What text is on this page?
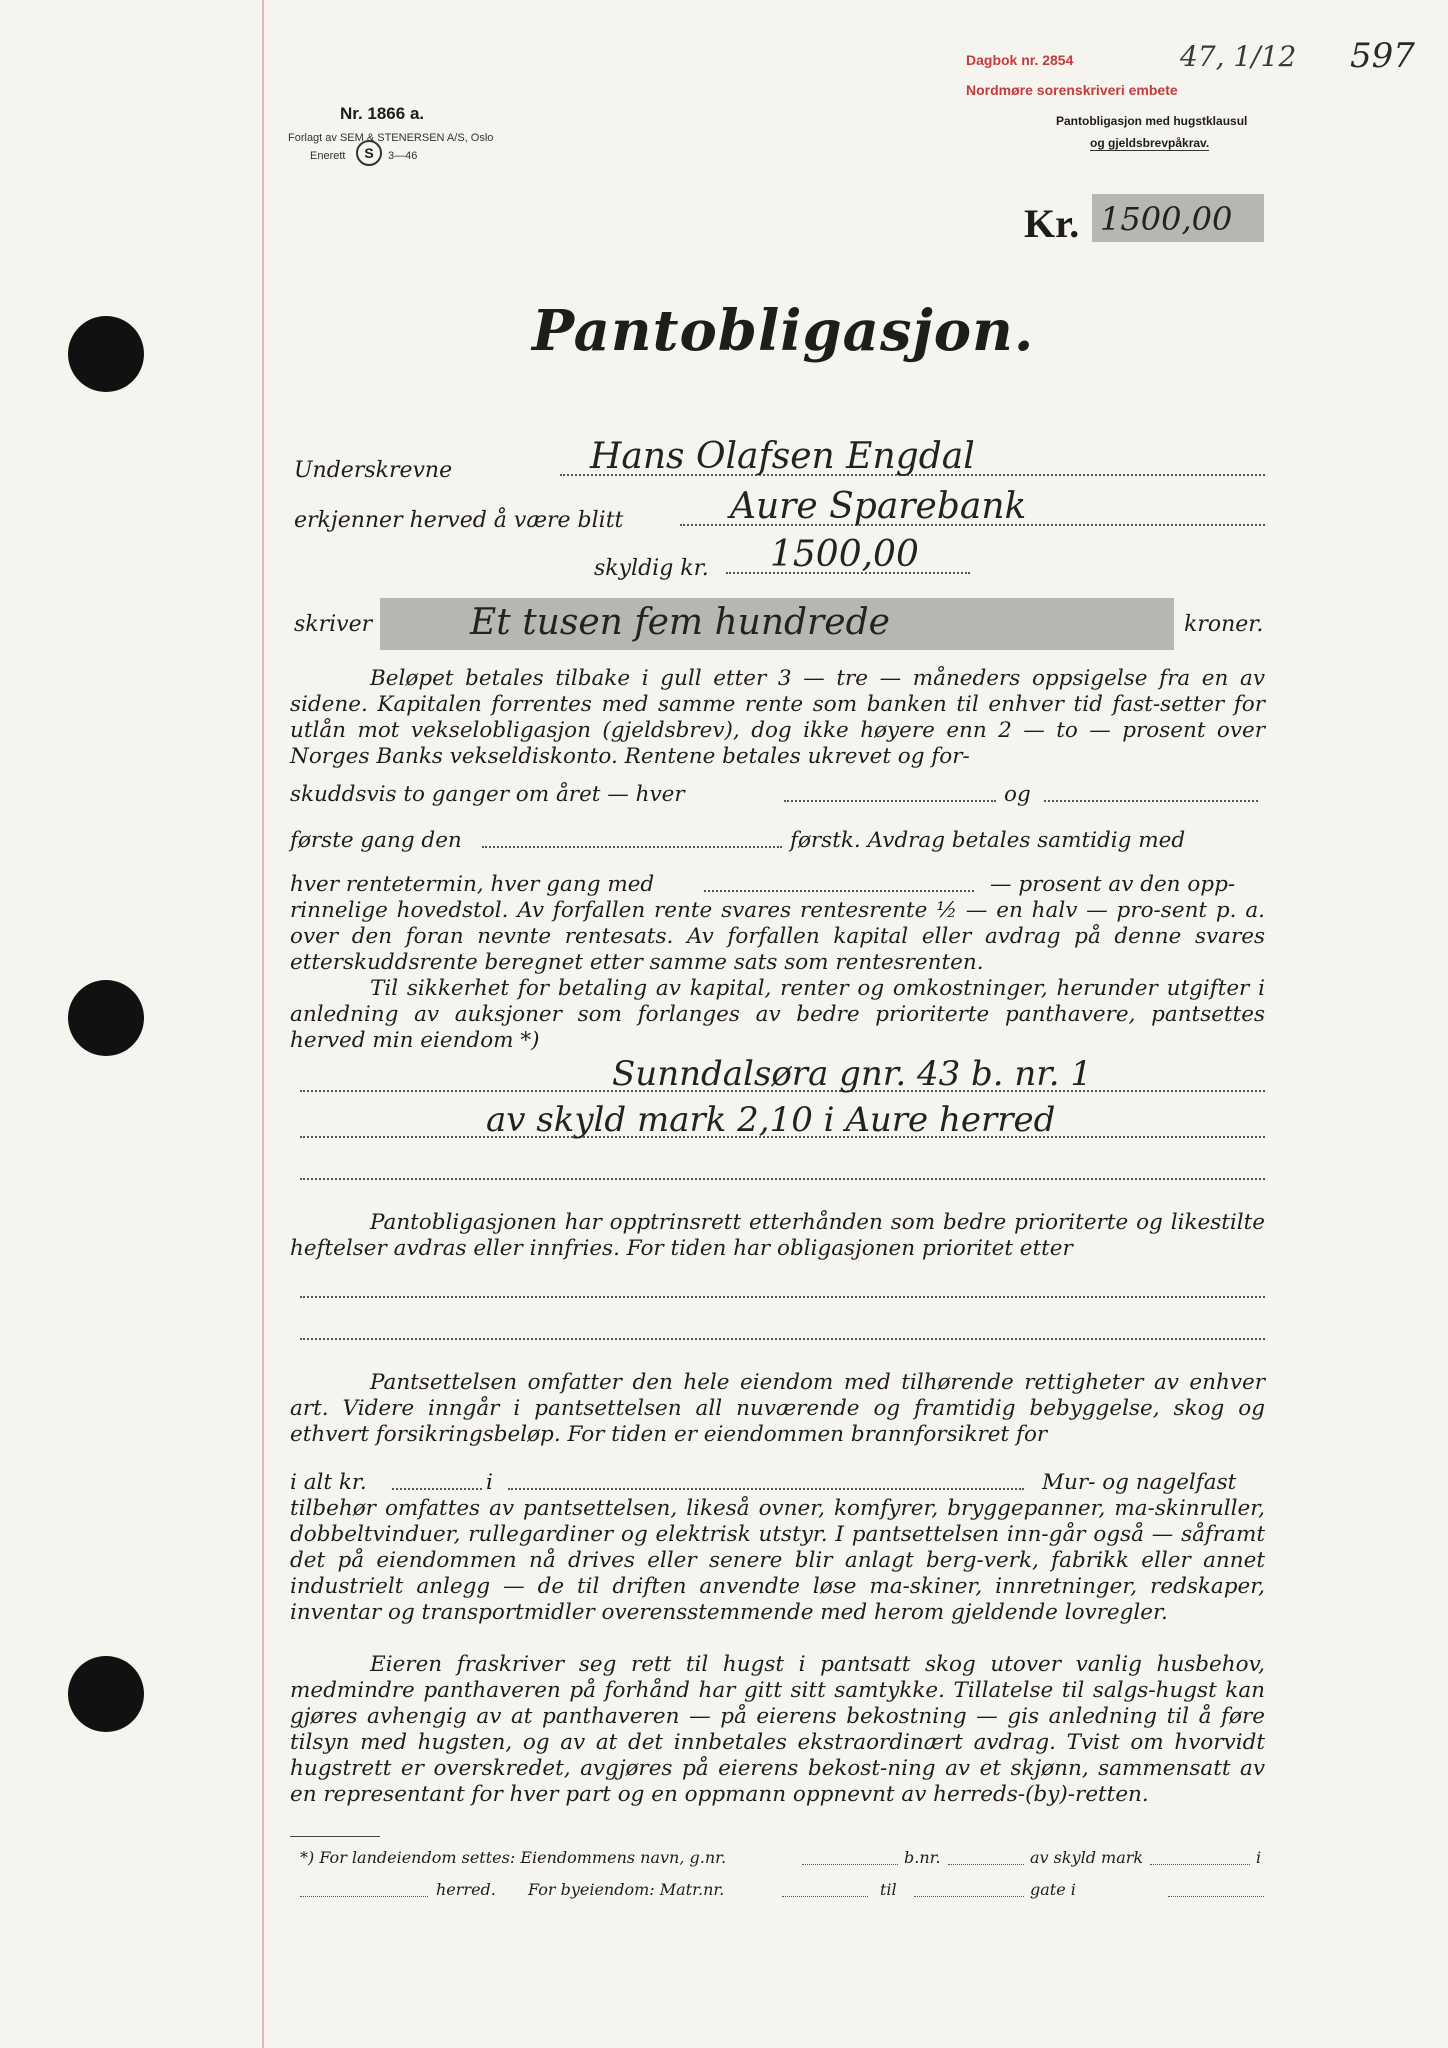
Nr. 1866 a.
Forlagt av SEM & STENERSEN A/S, Oslo
Enerett	S	3—46
Dagbok nr. 2854	47, 1/12 597
Nordmøre sorenskriveri embete
Pantobligasjon med hugstklausul
og gjeldsbrevpåkrav.
Kr. 1500,00
Pantobligasjon.
Underskrevne	Hans Olafsen Engdal
erkjenner herved å være blitt	Aure Sparebank
skyldig kr. 1500,00
skriver	Et tusen fem hundrede	kroner.

Beløpet betales tilbake i gull etter 3 — tre — måneders oppsigelse fra en av sidene. Kapitalen forrentes med samme rente som banken til enhver tid fast-setter for utlån mot vekselobligasjon (gjeldsbrev), dog ikke høyere enn 2 — to — prosent over Norges Banks vekseldiskonto. Rentene betales ukrevet og for-

skuddsvis to ganger om året — hver	og
første gang den	førstk. Avdrag betales samtidig med
hver rentetermin, hver gang med	— prosent av den opp-

rinnelige hovedstol. Av forfallen rente svares rentesrente ½ — en halv — pro-sent p. a. over den foran nevnte rentesats. Av forfallen kapital eller avdrag på denne svares etterskuddsrente beregnet etter samme sats som rentesrenten.

Til sikkerhet for betaling av kapital, renter og omkostninger, herunder utgifter i anledning av auksjoner som forlanges av bedre prioriterte panthavere, pantsettes herved min eiendom *)

Sunndalsøra gnr. 43 b. nr. 1
av skyld mark 2,10 i Aure herred

Pantobligasjonen har opptrinsrett etterhånden som bedre prioriterte og likestilte heftelser avdras eller innfries. For tiden har obligasjonen prioritet etter

Pantsettelsen omfatter den hele eiendom med tilhørende rettigheter av enhver art. Videre inngår i pantsettelsen all nuværende og framtidig bebyggelse, skog og ethvert forsikringsbeløp. For tiden er eiendommen brannforsikret for

i alt kr.	i	Mur- og nagelfast

tilbehør omfattes av pantsettelsen, likeså ovner, komfyrer, bryggepanner, ma-skinruller, dobbeltvinduer, rullegardiner og elektrisk utstyr. I pantsettelsen inn-går også — såframt det på eiendommen nå drives eller senere blir anlagt berg-verk, fabrikk eller annet industrielt anlegg — de til driften anvendte løse ma-skiner, innretninger, redskaper, inventar og transportmidler overensstemmende med herom gjeldende lovregler.

Eieren fraskriver seg rett til hugst i pantsatt skog utover vanlig husbehov, medmindre panthaveren på forhånd har gitt sitt samtykke. Tillatelse til salgs-hugst kan gjøres avhengig av at panthaveren — på eierens bekostning — gis anledning til å føre tilsyn med hugsten, og av at det innbetales ekstraordinært avdrag. Tvist om hvorvidt hugstrett er overskredet, avgjøres på eierens bekost-ning av et skjønn, sammensatt av en representant for hver part og en oppmann oppnevnt av herreds-(by)-retten.

*) For landeiendom settes: Eiendommens navn, g.nr.	b.nr.	av skyld mark	i
herred. For byeiendom: Matr.nr.	til	gate i
